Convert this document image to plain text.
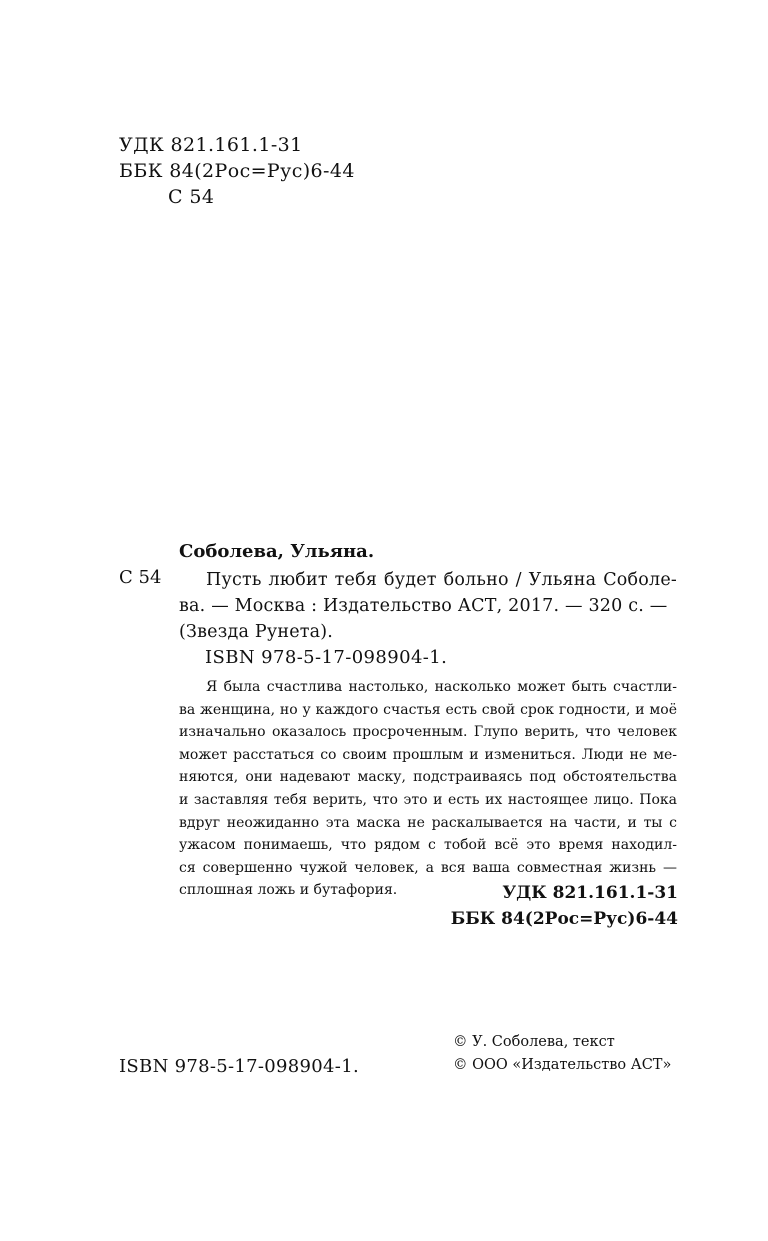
УДК 821.161.1-31
ББК 84(2Рос=Рус)6-44
С 54
Соболева, Ульяна.
С 54	Пусть любит тебя будет больно / Ульяна Соболе-
ва. — Москва : Издательство АСТ, 2017. — 320 с. —
(Звезда Рунета).
ISBN 978-5-17-098904-1.
Я была счастлива настолько, насколько может быть счастли-
ва женщина, но у каждого счастья есть свой срок годности, и моё
изначально оказалось просроченным. Глупо верить, что человек
может расстаться со своим прошлым и измениться. Люди не ме-
няются, они надевают маску, подстраиваясь под обстоятельства
и заставляя тебя верить, что это и есть их настоящее лицо. Пока
вдруг неожиданно эта маска не раскалывается на части, и ты с
ужасом понимаешь, что рядом с тобой всё это время находил-
ся совершенно чужой человек, а вся ваша совместная жизнь —
сплошная ложь и бутафория.	УДК 821.161.1-31
ББК 84(2Рос=Рус)6-44
ISBN 978-5-17-098904-1.
© У. Соболева, текст
© ООО «Издательство АСТ»
